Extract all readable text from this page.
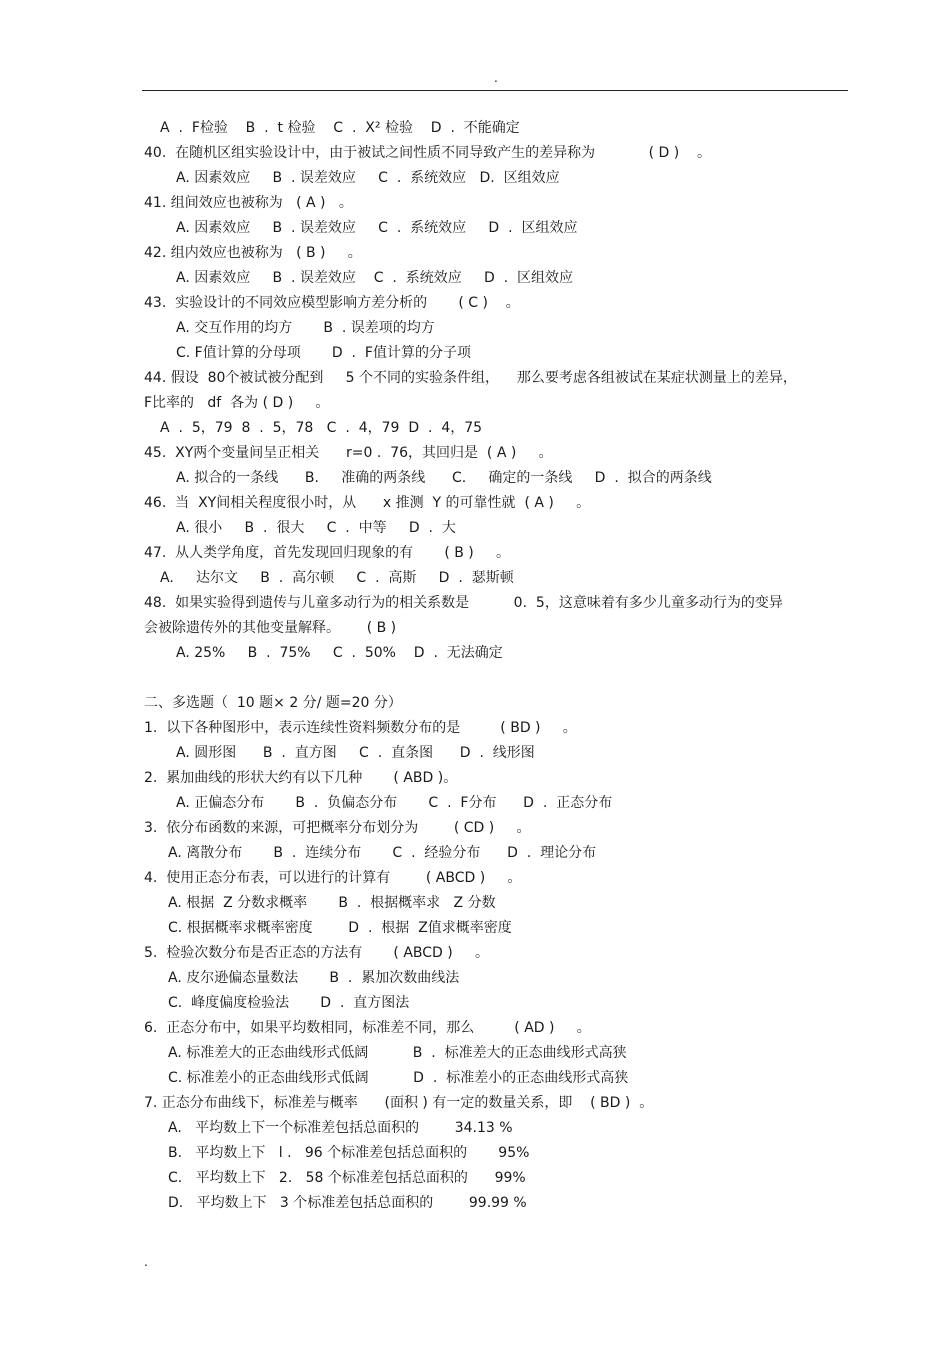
.
A  .  F检验    B  .  t 检验    C  .  X² 检验    D  .  不能确定
40.  在随机区组实验设计中，由于被试之间性质不同导致产生的差异称为            ( D )    。
A. 因素效应     B  . 误差效应     C  .  系统效应   D.  区组效应
41. 组间效应也被称为   ( A )   。
A. 因素效应     B  . 误差效应     C  .  系统效应     D  .  区组效应
42. 组内效应也被称为   ( B )     。
A. 因素效应     B  . 误差效应    C  .  系统效应     D  .  区组效应
43.  实验设计的不同效应模型影响方差分析的       ( C )    。
A. 交互作用的均方       B  . 误差项的均方
C. F值计算的分母项       D  .  F值计算的分子项
44. 假设  80个被试被分配到     5 个不同的实验条件组，    那么要考虑各组被试在某症状测量上的差异，
F比率的   df  各为 ( D )     。
A  .  5，79  8  .  5，78   C  .  4，79  D  .  4，75
45.  XY两个变量间呈正相关      r=0 .  76，其回归是  ( A )     。
A. 拟合的一条线      B.     准确的两条线      C.     确定的一条线     D  .  拟合的两条线
46.  当  XY间相关程度很小时，从      x 推测  Y 的可靠性就  ( A )     。
A. 很小     B  .  很大     C  .  中等     D  .  大
47.  从人类学角度，首先发现回归现象的有       ( B )     。
A.     达尔文     B  .  高尔顿     C  .  高斯     D  .  瑟斯顿
48.  如果实验得到遗传与儿童多动行为的相关系数是          0.  5，这意味着有多少儿童多动行为的变异
会被除遗传外的其他变量解释。      ( B )
A. 25%     B  .  75%     C  .  50%    D  .  无法确定
二、多选题（  10 题× 2 分/ 题=20 分）
1.  以下各种图形中，表示连续性资料频数分布的是         ( BD )     。
A. 圆形图      B  .  直方图     C  .  直条图      D  .  线形图
2.  累加曲线的形状大约有以下几种       ( ABD )。
A. 正偏态分布       B  .  负偏态分布       C  .  F分布      D  .  正态分布
3.  依分布函数的来源，可把概率分布划分为        ( CD )     。
A. 离散分布       B  .  连续分布       C  .  经验分布      D  .  理论分布
4.  使用正态分布表，可以进行的计算有        ( ABCD )     。
A. 根据  Z 分数求概率       B  .  根据概率求   Z 分数
C. 根据概率求概率密度        D  .  根据  Z值求概率密度
5.  检验次数分布是否正态的方法有       ( ABCD )     。
A. 皮尔逊偏态量数法       B  .  累加次数曲线法
C.  峰度偏度检验法       D  .  直方图法
6.  正态分布中，如果平均数相同，标准差不同，那么         ( AD )     。
A. 标准差大的正态曲线形式低阔          B  .  标准差大的正态曲线形式高狭
C. 标准差小的正态曲线形式低阔          D  .  标准差小的正态曲线形式高狭
7. 正态分布曲线下，标准差与概率      (面积 ) 有一定的数量关系，即    ( BD )  。
A.   平均数上下一个标准差包括总面积的        34.13 %
B.   平均数上下   l .   96 个标准差包括总面积的       95%
C.   平均数上下   2.   58 个标准差包括总面积的      99%
D.   平均数上下   3 个标准差包括总面积的        99.99 %
.
